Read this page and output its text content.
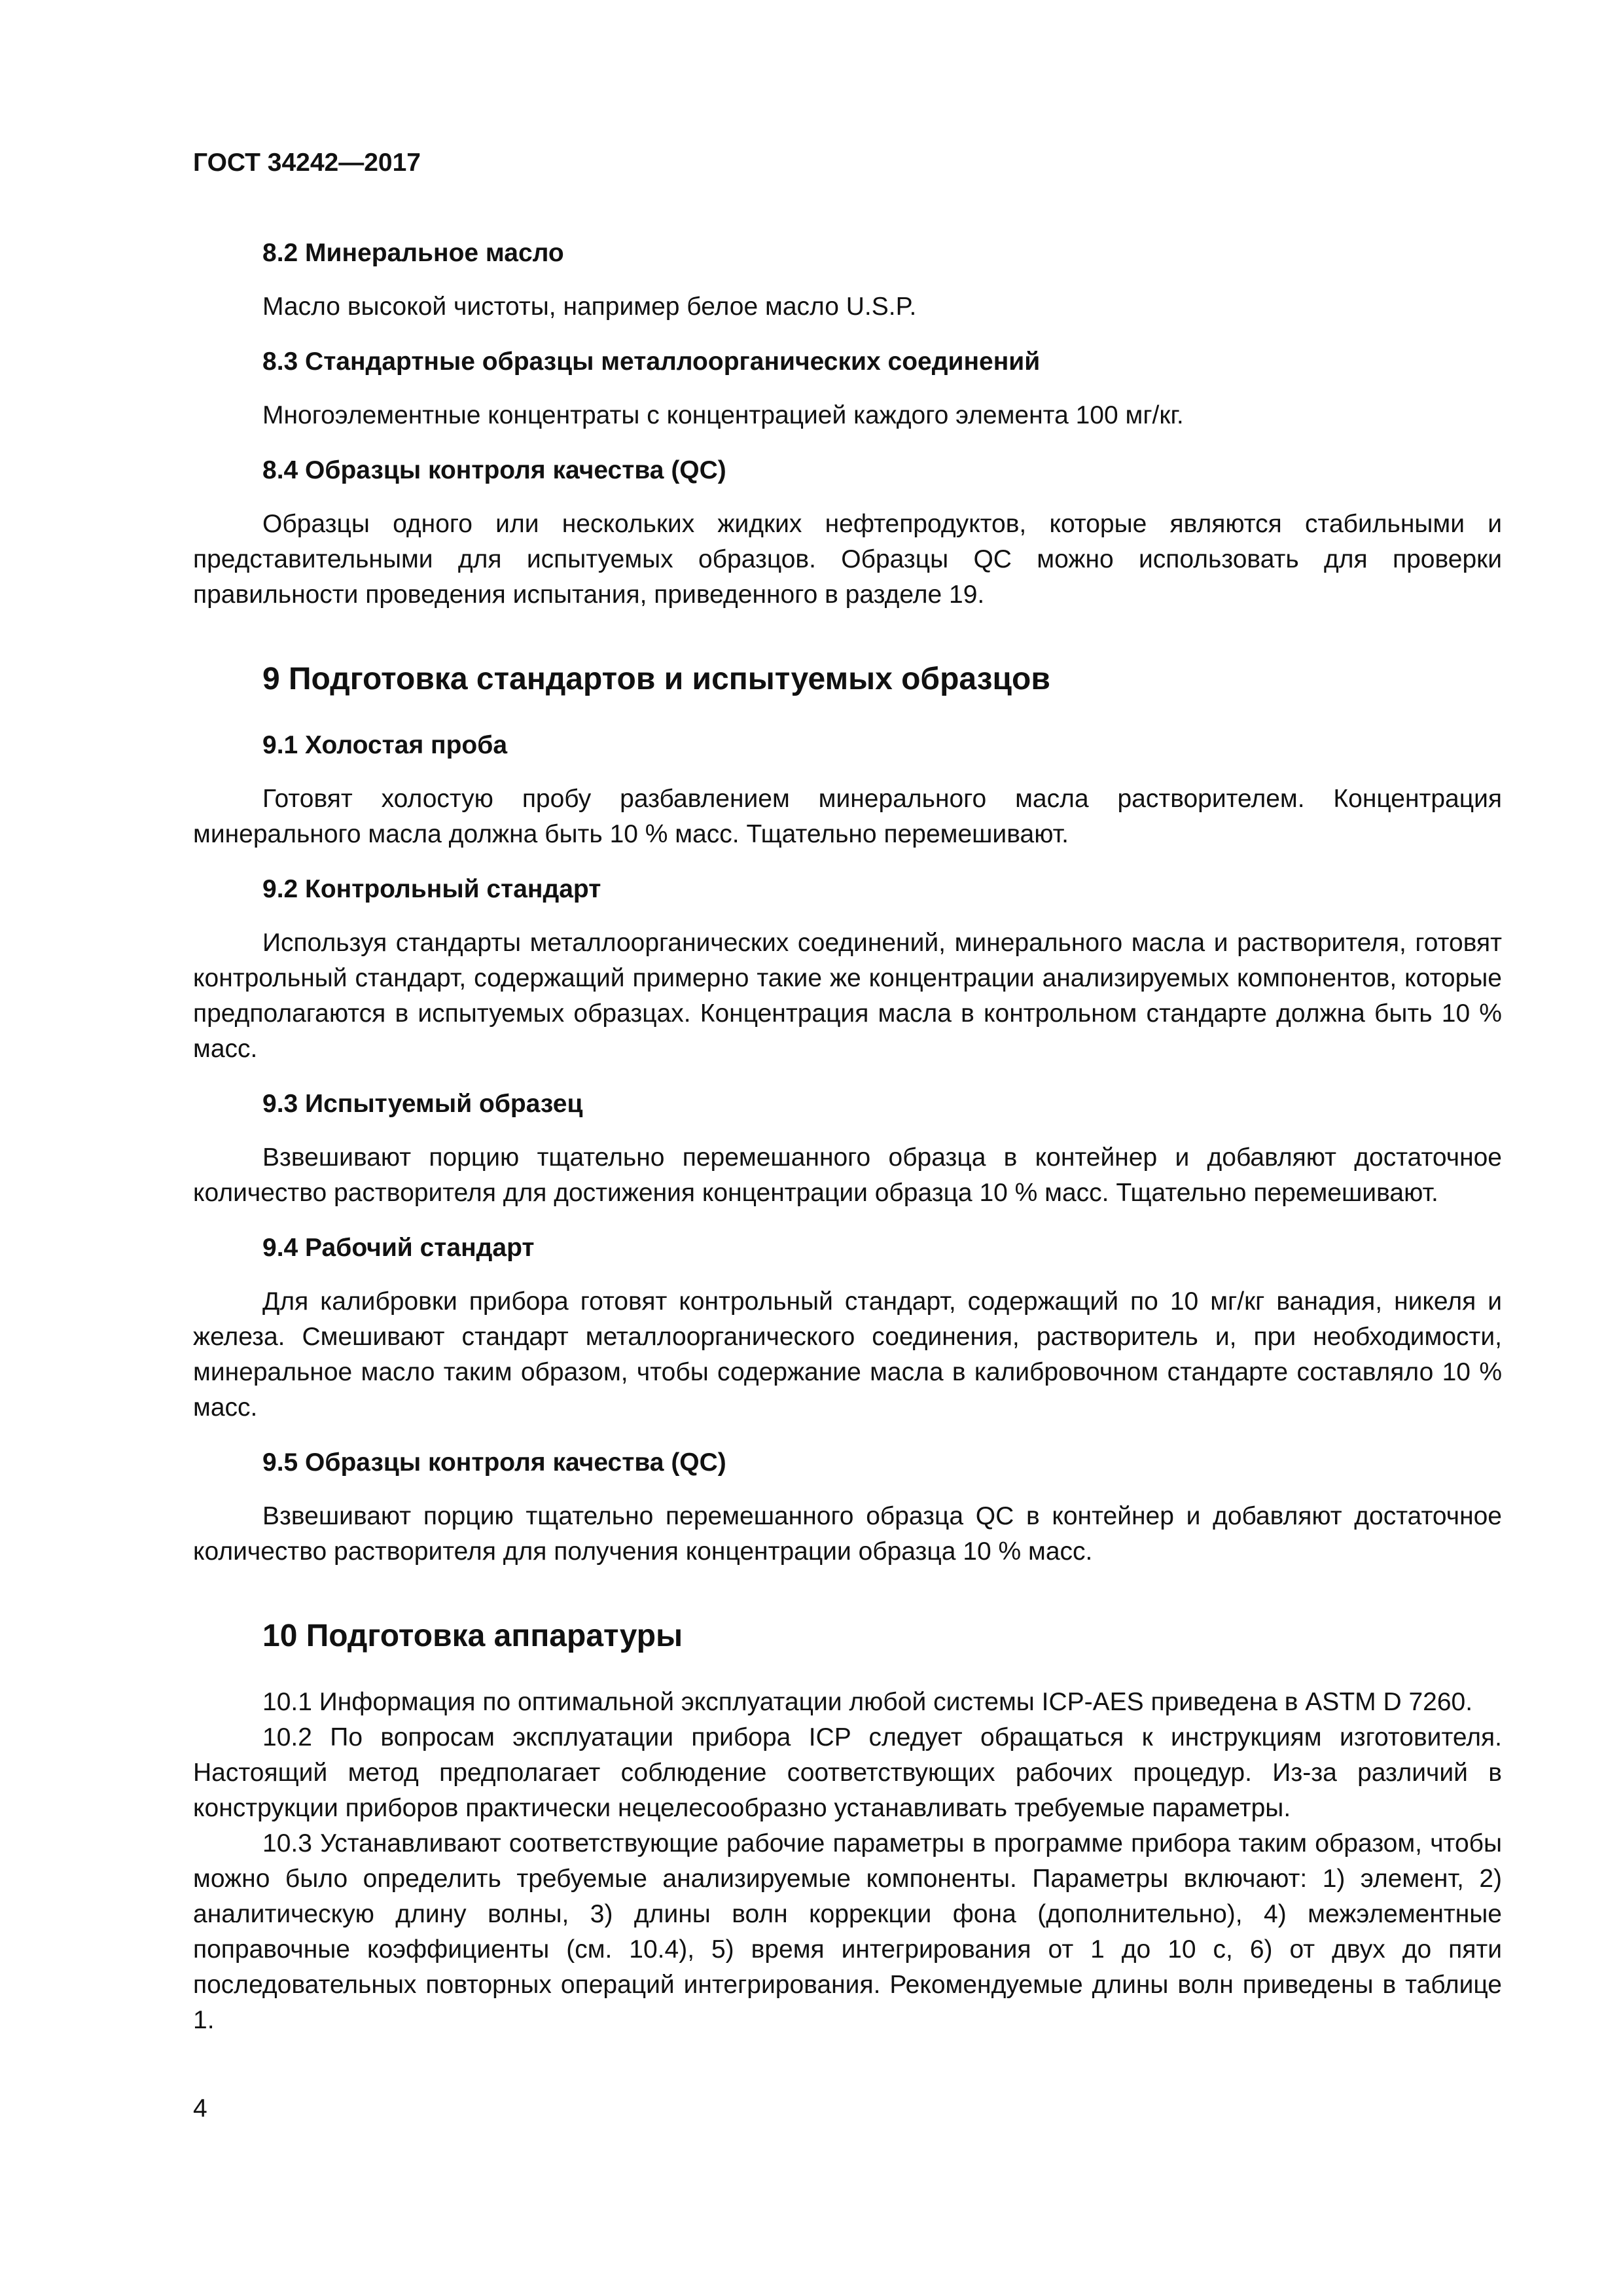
ГОСТ 34242—2017
8.2 Минеральное масло
Масло высокой чистоты, например белое масло U.S.P.
8.3 Стандартные образцы металлоорганических соединений
Многоэлементные концентраты с концентрацией каждого элемента 100 мг/кг.
8.4 Образцы контроля качества (QC)
Образцы одного или нескольких жидких нефтепродуктов, которые являются стабильными и представительными для испытуемых образцов. Образцы QC можно использовать для проверки правильности проведения испытания, приведенного в разделе 19.
9 Подготовка стандартов и испытуемых образцов
9.1 Холостая проба
Готовят холостую пробу разбавлением минерального масла растворителем. Концентрация минерального масла должна быть 10 % масс. Тщательно перемешивают.
9.2 Контрольный стандарт
Используя стандарты металлоорганических соединений, минерального масла и растворителя, готовят контрольный стандарт, содержащий примерно такие же концентрации анализируемых компонентов, которые предполагаются в испытуемых образцах. Концентрация масла в контрольном стандарте должна быть 10 % масс.
9.3 Испытуемый образец
Взвешивают порцию тщательно перемешанного образца в контейнер и добавляют достаточное количество растворителя для достижения концентрации образца 10 % масс. Тщательно перемешивают.
9.4 Рабочий стандарт
Для калибровки прибора готовят контрольный стандарт, содержащий по 10 мг/кг ванадия, никеля и железа. Смешивают стандарт металлоорганического соединения, растворитель и, при необходимости, минеральное масло таким образом, чтобы содержание масла в калибровочном стандарте составляло 10 % масс.
9.5 Образцы контроля качества (QC)
Взвешивают порцию тщательно перемешанного образца QC в контейнер и добавляют достаточное количество растворителя для получения концентрации образца 10 % масс.
10 Подготовка аппаратуры
10.1 Информация по оптимальной эксплуатации любой системы ICP-AES приведена в ASTM D 7260.
10.2 По вопросам эксплуатации прибора ICP следует обращаться к инструкциям изготовителя. Настоящий метод предполагает соблюдение соответствующих рабочих процедур. Из-за различий в конструкции приборов практически нецелесообразно устанавливать требуемые параметры.
10.3 Устанавливают соответствующие рабочие параметры в программе прибора таким образом, чтобы можно было определить требуемые анализируемые компоненты. Параметры включают: 1) элемент, 2) аналитическую длину волны, 3) длины волн коррекции фона (дополнительно), 4) межэлементные поправочные коэффициенты (см. 10.4), 5) время интегрирования от 1 до 10 с, 6) от двух до пяти последовательных повторных операций интегрирования. Рекомендуемые длины волн приведены в таблице 1.
4
